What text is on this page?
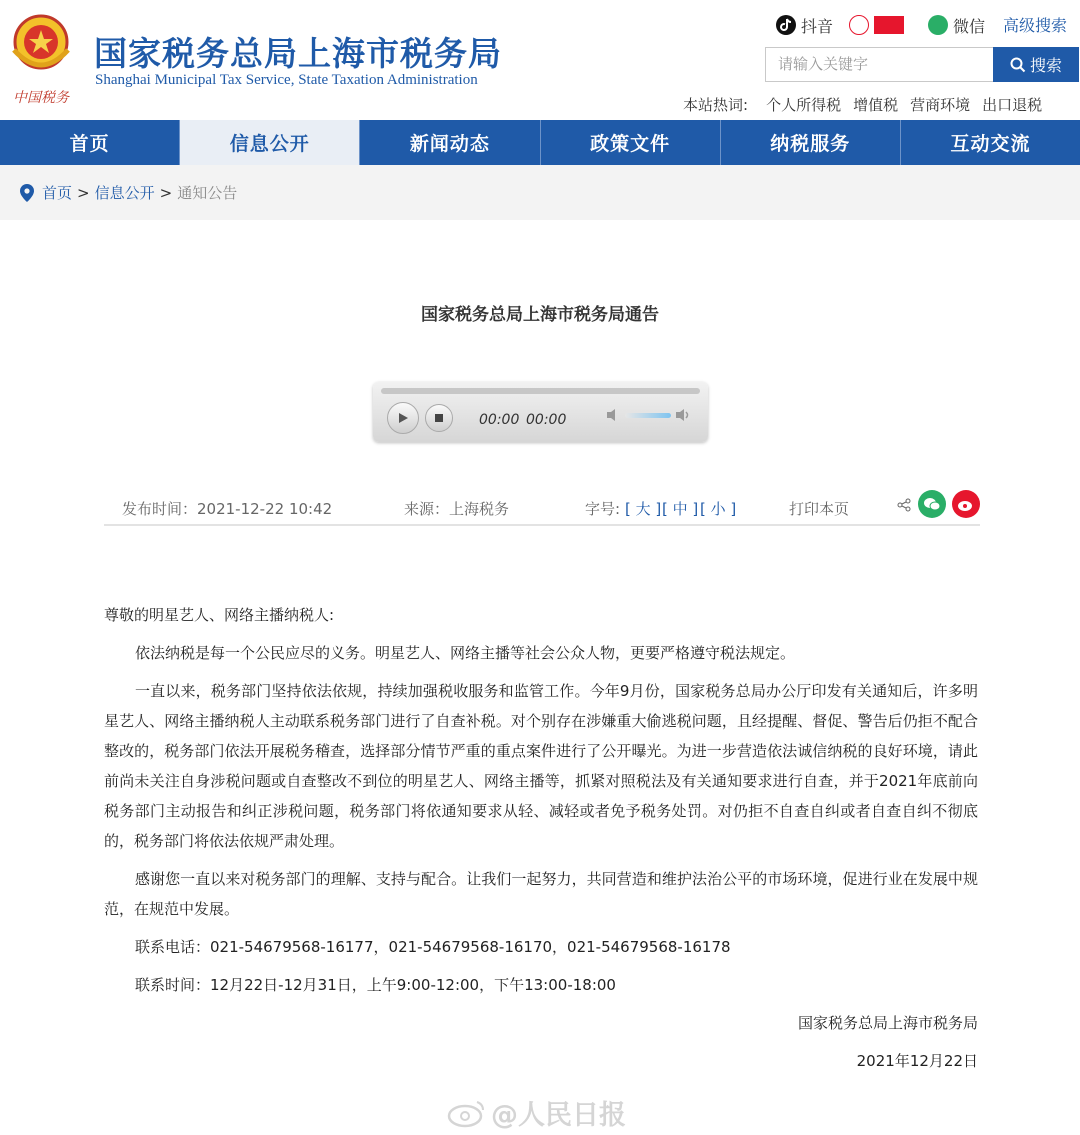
中国税务
国家税务总局上海市税务局
Shanghai Municipal Tax Service, State Taxation Administration
抖音	微信 高级搜索
请输入关键字	搜索
本站热词: 个人所得税 增值税 营商环境 出口退税
首页	信息公开	新闻动态	政策文件	纳税服务	互动交流
首页 > 信息公开 > 通知公告
国家税务总局上海市税务局通告
00:00 00:00
发布时间：2021-12-22 10:42	来源：上海税务	字号: [ 大 ] [ 中 ] [ 小 ]	打印本页

尊敬的明星艺人、网络主播纳税人:

依法纳税是每一个公民应尽的义务。明星艺人、网络主播等社会公众人物，更要严格遵守税法规定。

一直以来，税务部门坚持依法依规，持续加强税收服务和监管工作。今年9月份，国家税务总局办公厅印发有关通知后，许多明星艺人、网络主播纳税人主动联系税务部门进行了自查补税。对个别存在涉嫌重大偷逃税问题，且经提醒、督促、警告后仍拒不配合整改的，税务部门依法开展税务稽查，选择部分情节严重的重点案件进行了公开曝光。为进一步营造依法诚信纳税的良好环境，请此前尚未关注自身涉税问题或自查整改不到位的明星艺人、网络主播等，抓紧对照税法及有关通知要求进行自查，并于2021年底前向税务部门主动报告和纠正涉税问题，税务部门将依通知要求从轻、减轻或者免予税务处罚。对仍拒不自查自纠或者自查自纠不彻底的，税务部门将依法依规严肃处理。

感谢您一直以来对税务部门的理解、支持与配合。让我们一起努力，共同营造和维护法治公平的市场环境，促进行业在发展中规范，在规范中发展。

联系电话：021-54679568-16177，021-54679568-16170，021-54679568-16178

联系时间：12月22日-12月31日，上午9:00-12:00，下午13:00-18:00

国家税务总局上海市税务局

2021年12月22日

@人民日报
